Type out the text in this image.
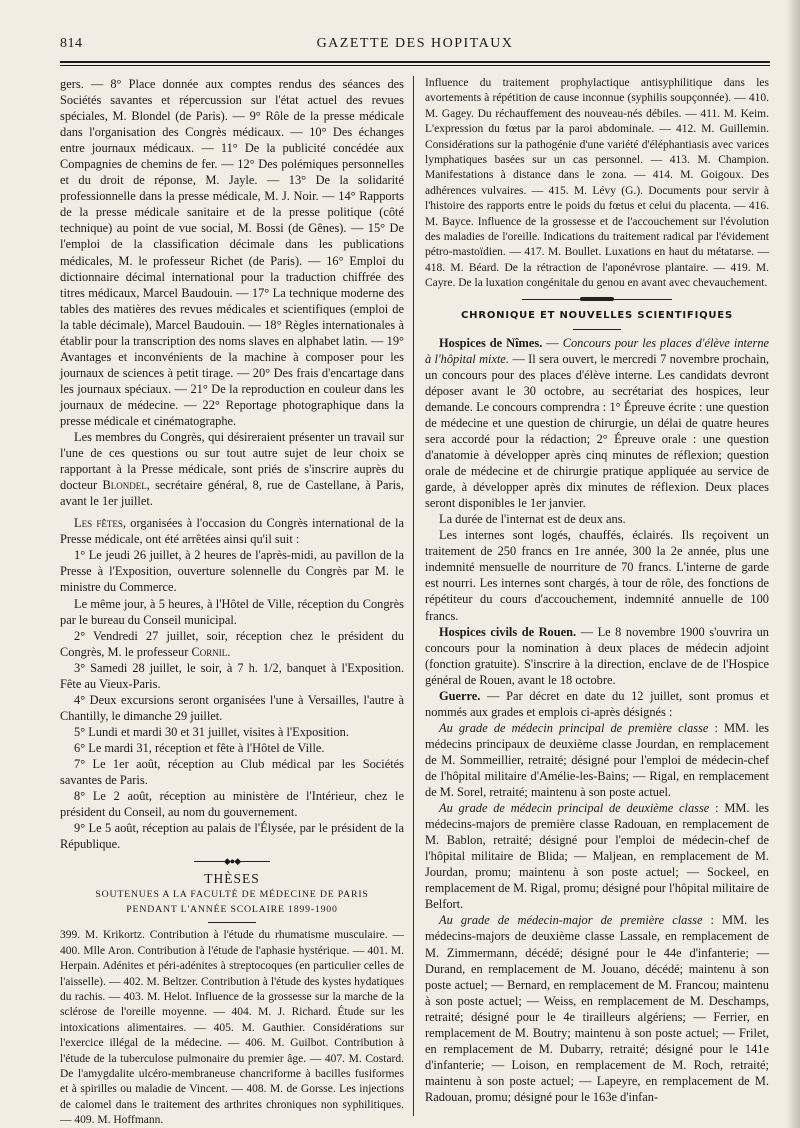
814	GAZETTE DES HOPITAUX

gers. — 8° Place donnée aux comptes rendus des séances des Sociétés savantes et répercussion sur l'état actuel des revues spéciales, M. Blondel (de Paris). — 9° Rôle de la presse médicale dans l'organisation des Congrès médicaux. — 10° Des échanges entre journaux médicaux. — 11° De la publicité concédée aux Compagnies de chemins de fer. — 12° Des polémiques personnelles et du droit de réponse, M. Jayle. — 13° De la solidarité professionnelle dans la presse médicale, M. J. Noir. — 14° Rapports de la presse médicale sanitaire et de la presse politique (côté technique) au point de vue social, M. Bossi (de Gênes). — 15° De l'emploi de la classification décimale dans les publications médicales, M. le professeur Richet (de Paris). — 16° Emploi du dictionnaire décimal international pour la traduction chiffrée des titres médicaux, Marcel Baudouin. — 17° La technique moderne des tables des matières des revues médicales et scientifiques (emploi de la table décimale), Marcel Baudouin. — 18° Règles internationales à établir pour la transcription des noms slaves en alphabet latin. — 19° Avantages et inconvénients de la machine à composer pour les journaux de sciences à petit tirage. — 20° Des frais d'encartage dans les journaux spéciaux. — 21° De la reproduction en couleur dans les journaux de médecine. — 22° Reportage photographique dans la presse médicale et cinématographe.

Les membres du Congrès, qui désireraient présenter un travail sur l'une de ces questions ou sur tout autre sujet de leur choix se rapportant à la Presse médicale, sont priés de s'inscrire auprès du docteur Blondel, secrétaire général, 8, rue de Castellane, à Paris, avant le 1er juillet.

Les fêtes, organisées à l'occasion du Congrès international de la Presse médicale, ont été arrêtées ainsi qu'il suit :

1° Le jeudi 26 juillet, à 2 heures de l'après-midi, au pavillon de la Presse à l'Exposition, ouverture solennelle du Congrès par M. le ministre du Commerce.

Le même jour, à 5 heures, à l'Hôtel de Ville, réception du Congrès par le bureau du Conseil municipal.

2° Vendredi 27 juillet, soir, réception chez le président du Congrès, M. le professeur Cornil.

3° Samedi 28 juillet, le soir, à 7 h. 1/2, banquet à l'Exposition. Fête au Vieux-Paris.

4° Deux excursions seront organisées l'une à Versailles, l'autre à Chantilly, le dimanche 29 juillet.

5° Lundi et mardi 30 et 31 juillet, visites à l'Exposition.

6° Le mardi 31, réception et fête à l'Hôtel de Ville.

7° Le 1er août, réception au Club médical par les Sociétés savantes de Paris.

8° Le 2 août, réception au ministère de l'Intérieur, chez le président du Conseil, au nom du gouvernement.

9° Le 5 août, réception au palais de l'Élysée, par le président de la République.

◆●◆
THÈSES
SOUTENUES A LA FACULTÉ DE MÉDECINE DE PARIS
PENDANT L'ANNÉE SCOLAIRE 1899-1900

399. M. Krikortz. Contribution à l'étude du rhumatisme musculaire. — 400. Mlle Aron. Contribution à l'étude de l'aphasie hystérique. — 401. M. Herpain. Adénites et péri-adénites à streptocoques (en particulier celles de l'aisselle). — 402. M. Beltzer. Contribution à l'étude des kystes hydatiques du rachis. — 403. M. Helot. Influence de la grossesse sur la marche de la sclérose de l'oreille moyenne. — 404. M. J. Richard. Étude sur les intoxications alimentaires. — 405. M. Gauthier. Considérations sur l'exercice illégal de la médecine. — 406. M. Guilbot. Contribution à l'étude de la tuberculose pulmonaire du premier âge. — 407. M. Costard. De l'amygdalite ulcéro-membraneuse chancriforme à bacilles fusiformes et à spirilles ou maladie de Vincent. — 408. M. de Gorsse. Les injections de calomel dans le traitement des arthrites chroniques non syphilitiques. — 409. M. Hoffmann.

Influence du traitement prophylactique antisyphilitique dans les avortements à répétition de cause inconnue (syphilis soupçonnée). — 410. M. Gagey. Du réchauffement des nouveau-nés débiles. — 411. M. Keim. L'expression du fœtus par la paroi abdominale. — 412. M. Guillemin. Considérations sur la pathogénie d'une variété d'éléphantiasis avec varices lymphatiques basées sur un cas personnel. — 413. M. Champion. Manifestations à distance dans le zona. — 414. M. Goigoux. Des adhérences vulvaires. — 415. M. Lévy (G.). Documents pour servir à l'histoire des rapports entre le poids du fœtus et celui du placenta. — 416. M. Bayce. Influence de la grossesse et de l'accouchement sur l'évolution des maladies de l'oreille. Indications du traitement radical par l'évidement pétro-mastoïdien. — 417. M. Boullet. Luxations en haut du métatarse. — 418. M. Béard. De la rétraction de l'aponévrose plantaire. — 419. M. Cayre. De la luxation congénitale du genou en avant avec chevauchement.

CHRONIQUE ET NOUVELLES SCIENTIFIQUES

Hospices de Nîmes. — Concours pour les places d'élève interne à l'hôpital mixte. — Il sera ouvert, le mercredi 7 novembre prochain, un concours pour des places d'élève interne. Les candidats devront déposer avant le 30 octobre, au secrétariat des hospices, leur demande. Le concours comprendra : 1° Épreuve écrite : une question de médecine et une question de chirurgie, un délai de quatre heures sera accordé pour la rédaction; 2° Épreuve orale : une question d'anatomie à développer après cinq minutes de réflexion; question orale de médecine et de chirurgie pratique appliquée au service de garde, à développer après dix minutes de réflexion. Deux places seront disponibles le 1er janvier.

La durée de l'internat est de deux ans.

Les internes sont logés, chauffés, éclairés. Ils reçoivent un traitement de 250 francs en 1re année, 300 la 2e année, plus une indemnité mensuelle de nourriture de 70 francs. L'interne de garde est nourri. Les internes sont chargés, à tour de rôle, des fonctions de répétiteur du cours d'accouchement, indemnité annuelle de 100 francs.

Hospices civils de Rouen. — Le 8 novembre 1900 s'ouvrira un concours pour la nomination à deux places de médecin adjoint (fonction gratuite). S'inscrire à la direction, enclave de de l'Hospice général de Rouen, avant le 18 octobre.

Guerre. — Par décret en date du 12 juillet, sont promus et nommés aux grades et emplois ci-après désignés :

Au grade de médecin principal de première classe : MM. les médecins principaux de deuxième classe Jourdan, en remplacement de M. Sommeillier, retraité; désigné pour l'emploi de médecin-chef de l'hôpital militaire d'Amélie-les-Bains; — Rigal, en remplacement de M. Sorel, retraité; maintenu à son poste actuel.

Au grade de médecin principal de deuxième classe : MM. les médecins-majors de première classe Radouan, en remplacement de M. Bablon, retraité; désigné pour l'emploi de médecin-chef de l'hôpital militaire de Blida; — Maljean, en remplacement de M. Jourdan, promu; maintenu à son poste actuel; — Sockeel, en remplacement de M. Rigal, promu; désigné pour l'hôpital militaire de Belfort.

Au grade de médecin-major de première classe : MM. les médecins-majors de deuxième classe Lassale, en remplacement de M. Zimmermann, décédé; désigné pour le 44e d'infanterie; — Durand, en remplacement de M. Jouano, décédé; maintenu à son poste actuel; — Bernard, en remplacement de M. Francou; maintenu à son poste actuel; — Weiss, en remplacement de M. Deschamps, retraité; désigné pour le 4e tirailleurs algériens; — Ferrier, en remplacement de M. Boutry; maintenu à son poste actuel; — Frilet, en remplacement de M. Dubarry, retraité; désigné pour le 141e d'infanterie; — Loison, en remplacement de M. Roch, retraité; maintenu à son poste actuel; — Lapeyre, en remplacement de M. Radouan, promu; désigné pour le 163e d'infan-
